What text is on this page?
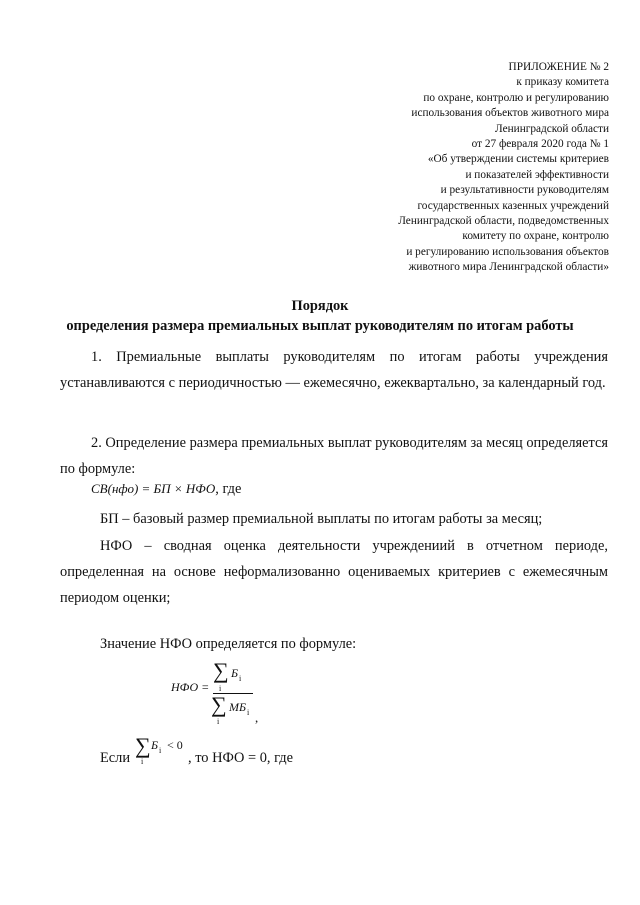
ПРИЛОЖЕНИЕ № 2
к приказу комитета
по охране, контролю и регулированию
использования объектов животного мира
Ленинградской области
от 27 февраля 2020 года № 1
«Об утверждении системы критериев
и показателей эффективности
и результативности руководителям
государственных казенных учреждений
Ленинградской области, подведомственных
комитету по охране, контролю
и регулированию использования объектов
животного мира Ленинградской области»
Порядок
определения размера премиальных выплат руководителям по итогам работы
1. Премиальные выплаты руководителям по итогам работы учреждения устанавливаются с периодичностью — ежемесячно, ежеквартально, за календарный год.
2. Определение размера премиальных выплат руководителям за месяц определяется по формуле:
СВ(нфо) = БП × НФО, где
БП – базовый размер премиальной выплаты по итогам работы за месяц;
НФО – сводная оценка деятельности учреждениий в отчетном периоде, определенная на основе неформализованно оцениваемых критериев с ежемесячным периодом оценки;
Значение НФО определяется по формуле:
НФО =
∑ Б i
i
∑ МБ i
i	,
Если ∑ Б i
i
< 0
, то НФО = 0, где
